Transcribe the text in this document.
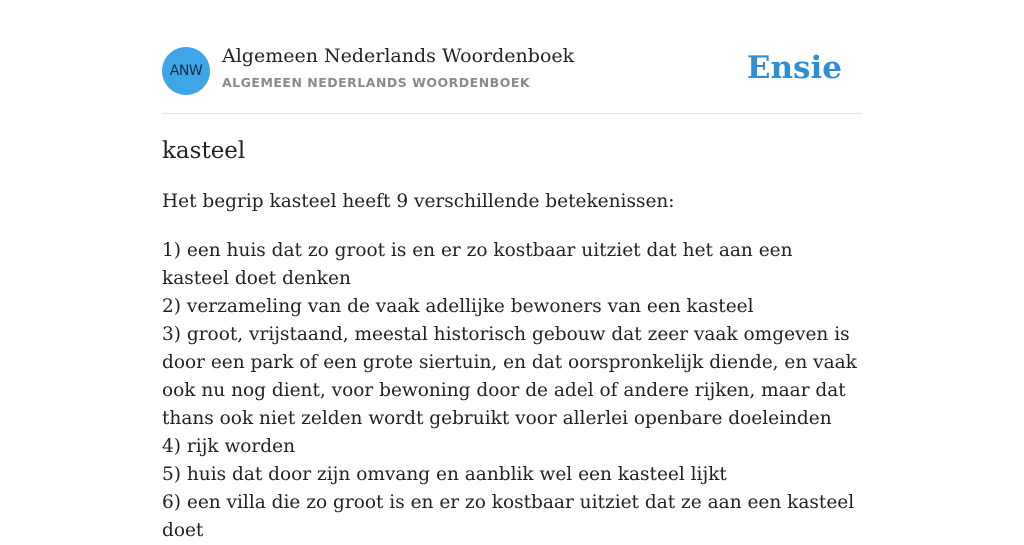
ANW
Algemeen Nederlands Woordenboek
ALGEMEEN NEDERLANDS WOORDENBOEK	Ensie
kasteel

Het begrip kasteel heeft 9 verschillende betekenissen:

1) een huis dat zo groot is en er zo kostbaar uitziet dat het aan een kasteel doet denken
2) verzameling van de vaak adellijke bewoners van een kasteel
3) groot, vrijstaand, meestal historisch gebouw dat zeer vaak omgeven is door een park of een grote siertuin, en dat oorspronkelijk diende, en vaak ook nu nog dient, voor bewoning door de adel of andere rijken, maar dat thans ook niet zelden wordt gebruikt voor allerlei openbare doeleinden
4) rijk worden
5) huis dat door zijn omvang en aanblik wel een kasteel lijkt
6) een villa die zo groot is en er zo kostbaar uitziet dat ze aan een kasteel doet
